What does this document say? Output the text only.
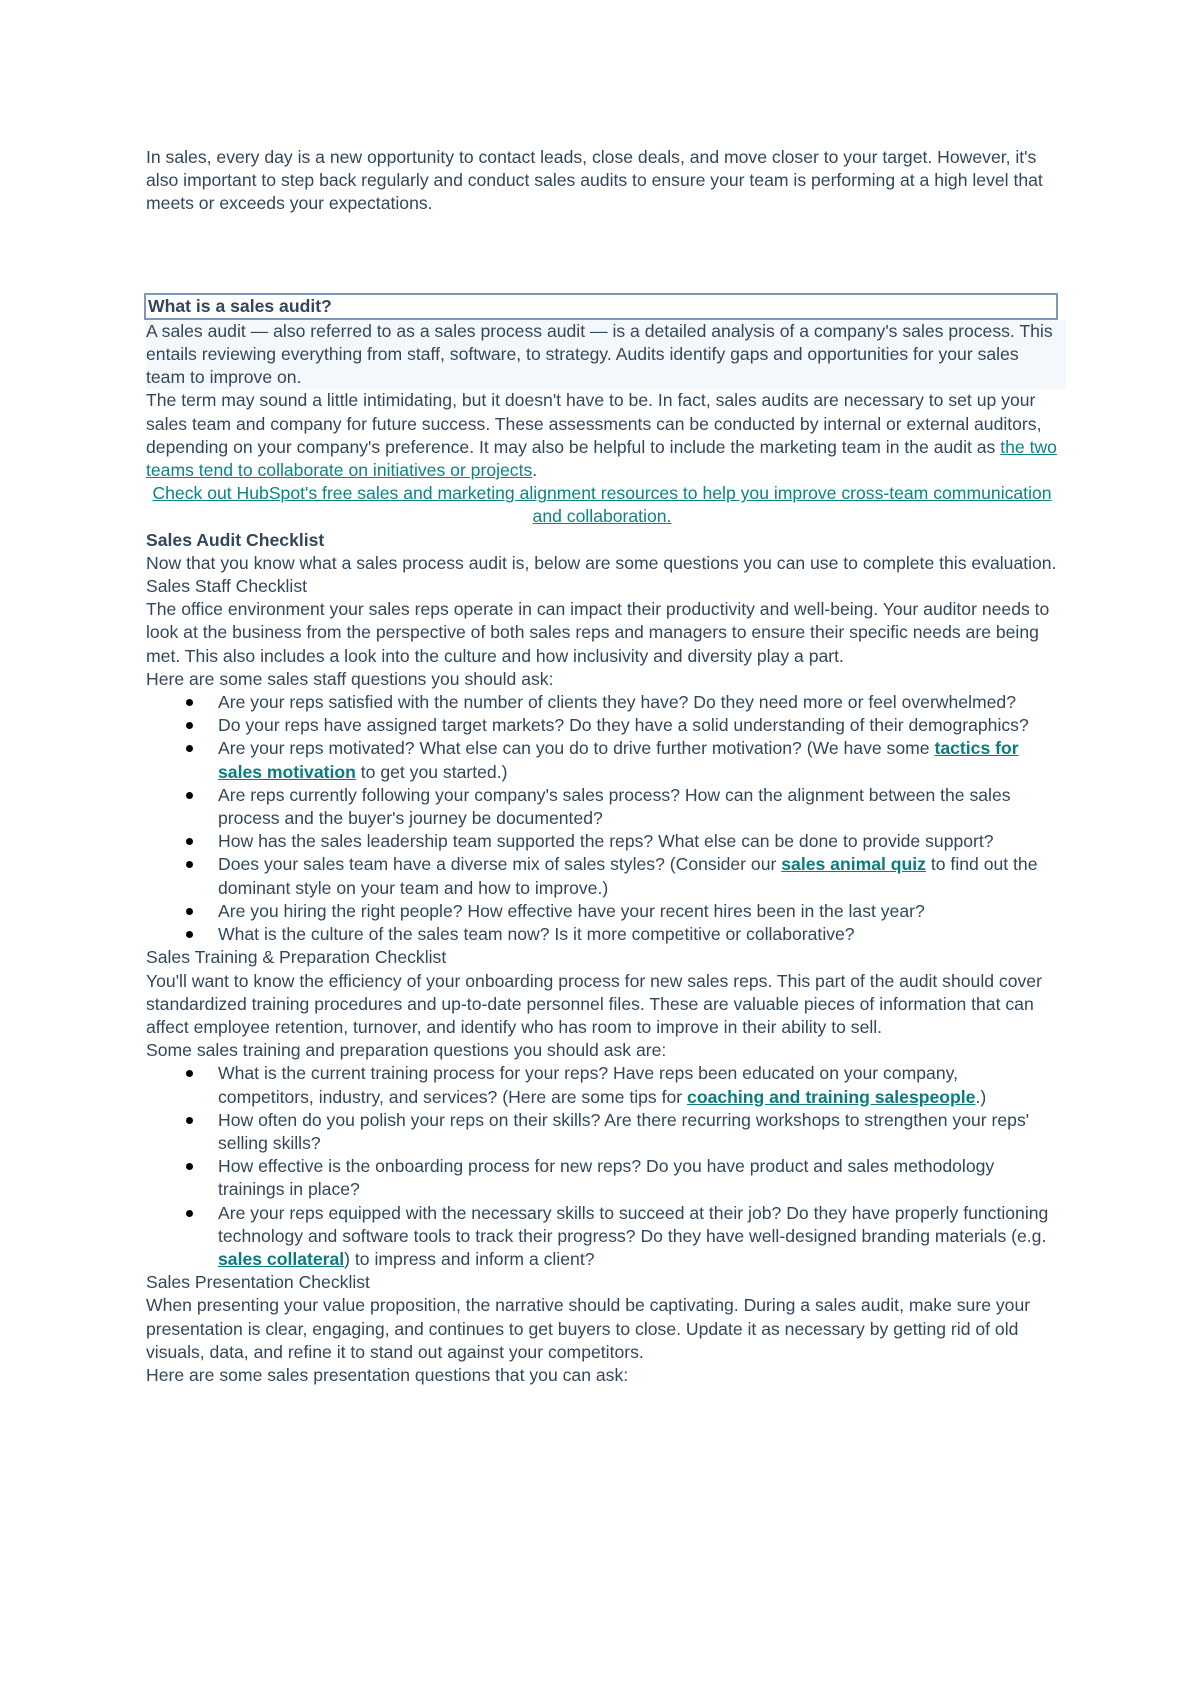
In sales, every day is a new opportunity to contact leads, close deals, and move closer to your target. However, it's also important to step back regularly and conduct sales audits to ensure your team is performing at a high level that meets or exceeds your expectations.

What is a sales audit?

A sales audit — also referred to as a sales process audit — is a detailed analysis of a company's sales process. This entails reviewing everything from staff, software, to strategy. Audits identify gaps and opportunities for your sales team to improve on.

The term may sound a little intimidating, but it doesn't have to be. In fact, sales audits are necessary to set up your sales team and company for future success. These assessments can be conducted by internal or external auditors, depending on your company's preference. It may also be helpful to include the marketing team in the audit as the two teams tend to collaborate on initiatives or projects.

Check out HubSpot's free sales and marketing alignment resources to help you improve cross-team communication and collaboration.

Sales Audit Checklist

Now that you know what a sales process audit is, below are some questions you can use to complete this evaluation.

Sales Staff Checklist

The office environment your sales reps operate in can impact their productivity and well-being. Your auditor needs to look at the business from the perspective of both sales reps and managers to ensure their specific needs are being met. This also includes a look into the culture and how inclusivity and diversity play a part.

Here are some sales staff questions you should ask:

Are your reps satisfied with the number of clients they have? Do they need more or feel overwhelmed?
Do your reps have assigned target markets? Do they have a solid understanding of their demographics?
Are your reps motivated? What else can you do to drive further motivation? (We have some tactics for sales motivation to get you started.)
Are reps currently following your company's sales process? How can the alignment between the sales process and the buyer's journey be documented?
How has the sales leadership team supported the reps? What else can be done to provide support?
Does your sales team have a diverse mix of sales styles? (Consider our sales animal quiz to find out the dominant style on your team and how to improve.)
Are you hiring the right people? How effective have your recent hires been in the last year?
What is the culture of the sales team now? Is it more competitive or collaborative?

Sales Training & Preparation Checklist

You'll want to know the efficiency of your onboarding process for new sales reps. This part of the audit should cover standardized training procedures and up-to-date personnel files. These are valuable pieces of information that can affect employee retention, turnover, and identify who has room to improve in their ability to sell.

Some sales training and preparation questions you should ask are:

What is the current training process for your reps? Have reps been educated on your company, competitors, industry, and services? (Here are some tips for coaching and training salespeople.)
How often do you polish your reps on their skills? Are there recurring workshops to strengthen your reps' selling skills?
How effective is the onboarding process for new reps? Do you have product and sales methodology trainings in place?
Are your reps equipped with the necessary skills to succeed at their job? Do they have properly functioning technology and software tools to track their progress? Do they have well-designed branding materials (e.g. sales collateral) to impress and inform a client?

Sales Presentation Checklist

When presenting your value proposition, the narrative should be captivating. During a sales audit, make sure your presentation is clear, engaging, and continues to get buyers to close. Update it as necessary by getting rid of old visuals, data, and refine it to stand out against your competitors.

Here are some sales presentation questions that you can ask:
